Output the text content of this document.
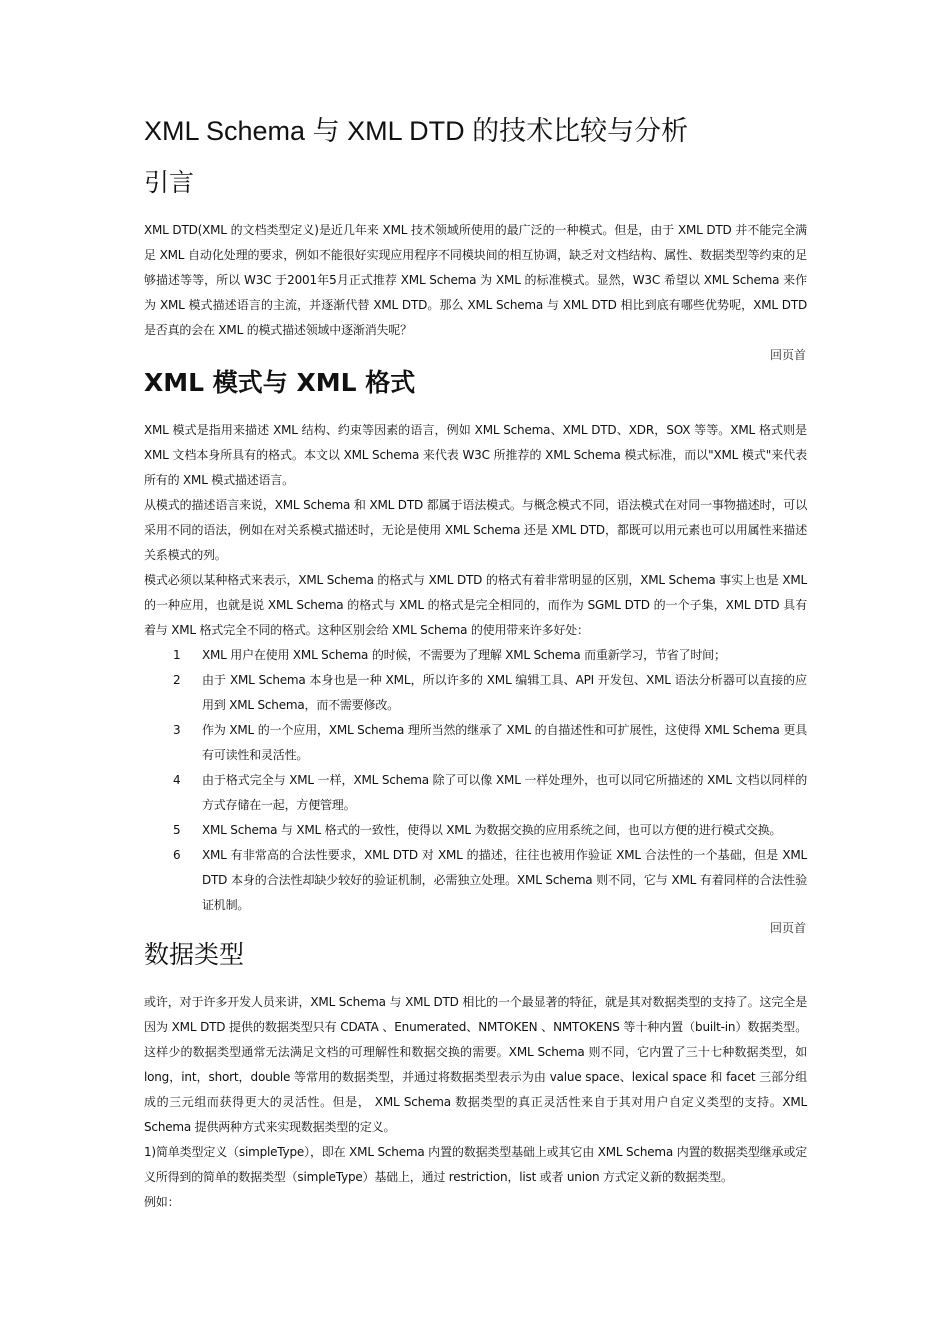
XML Schema 与 XML DTD 的技术比较与分析
引言

XML DTD(XML 的文档类型定义)是近几年来 XML 技术领域所使用的最广泛的一种模式。但是，由于 XML DTD 并不能完全满足 XML 自动化处理的要求，例如不能很好实现应用程序不同模块间的相互协调，缺乏对文档结构、属性、数据类型等约束的足够描述等等，所以 W3C 于2001年5月正式推荐 XML Schema 为 XML 的标准模式。显然，W3C 希望以 XML Schema 来作为 XML 模式描述语言的主流，并逐渐代替 XML DTD。那么 XML Schema 与 XML DTD 相比到底有哪些优势呢，XML DTD 是否真的会在 XML 的模式描述领域中逐渐消失呢？

回页首
XML 模式与 XML 格式

XML 模式是指用来描述 XML 结构、约束等因素的语言，例如 XML Schema、XML DTD、XDR，SOX 等等。XML 格式则是 XML 文档本身所具有的格式。本文以 XML Schema 来代表 W3C 所推荐的 XML Schema 模式标准，而以"XML 模式"来代表所有的 XML 模式描述语言。

从模式的描述语言来说，XML Schema 和 XML DTD 都属于语法模式。与概念模式不同，语法模式在对同一事物描述时，可以采用不同的语法，例如在对关系模式描述时，无论是使用 XML Schema 还是 XML DTD，都既可以用元素也可以用属性来描述关系模式的列。

模式必须以某种格式来表示，XML Schema 的格式与 XML DTD 的格式有着非常明显的区别，XML Schema 事实上也是 XML 的一种应用，也就是说 XML Schema 的格式与 XML 的格式是完全相同的，而作为 SGML DTD 的一个子集，XML DTD 具有着与 XML 格式完全不同的格式。这种区别会给 XML Schema 的使用带来许多好处：

1	XML 用户在使用 XML Schema 的时候，不需要为了理解 XML Schema 而重新学习，节省了时间；
2	由于 XML Schema 本身也是一种 XML，所以许多的 XML 编辑工具、API 开发包、XML 语法分析器可以直接的应用到 XML Schema，而不需要修改。
3	作为 XML 的一个应用，XML Schema 理所当然的继承了 XML 的自描述性和可扩展性，这使得 XML Schema 更具有可读性和灵活性。
4	由于格式完全与 XML 一样，XML Schema 除了可以像 XML 一样处理外，也可以同它所描述的 XML 文档以同样的方式存储在一起，方便管理。
5	XML Schema 与 XML 格式的一致性，使得以 XML 为数据交换的应用系统之间，也可以方便的进行模式交换。
6	XML 有非常高的合法性要求，XML DTD 对 XML 的描述，往往也被用作验证 XML 合法性的一个基础，但是 XML DTD 本身的合法性却缺少较好的验证机制，必需独立处理。XML Schema 则不同，它与 XML 有着同样的合法性验证机制。
回页首
数据类型

或许，对于许多开发人员来讲，XML Schema 与 XML DTD 相比的一个最显著的特征，就是其对数据类型的支持了。这完全是因为 XML DTD 提供的数据类型只有 CDATA 、Enumerated、NMTOKEN 、NMTOKENS 等十种内置（built-in）数据类型。这样少的数据类型通常无法满足文档的可理解性和数据交换的需要。XML Schema 则不同，它内置了三十七种数据类型，如 long，int，short，double 等常用的数据类型，并通过将数据类型表示为由 value space、lexical space 和 facet 三部分组成的三元组而获得更大的灵活性。但是， XML Schema 数据类型的真正灵活性来自于其对用户自定义类型的支持。XML Schema 提供两种方式来实现数据类型的定义。

1)简单类型定义（simpleType），即在 XML Schema 内置的数据类型基础上或其它由 XML Schema 内置的数据类型继承或定义所得到的简单的数据类型（simpleType）基础上，通过 restriction，list 或者 union 方式定义新的数据类型。

例如：
